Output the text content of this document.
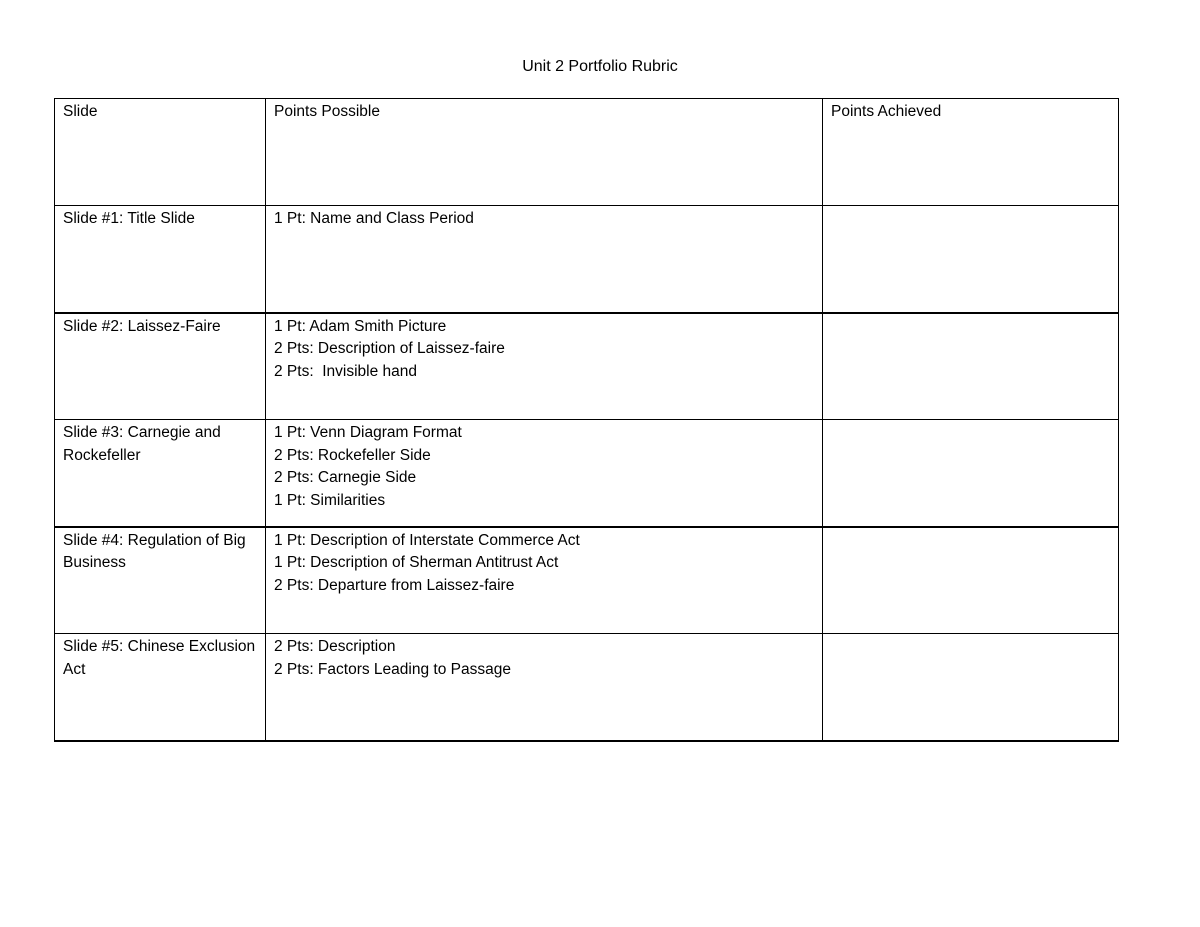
Unit 2 Portfolio Rubric
Slide	Points Possible	Points Achieved
Slide #1: Title Slide	1 Pt: Name and Class Period	

Slide #2: Laissez-Faire	1 Pt: Adam Smith Picture
2 Pts: Description of Laissez-faire
2 Pts:  Invisible hand	

Slide #3: Carnegie and Rockefeller	1 Pt: Venn Diagram Format
2 Pts: Rockefeller Side
2 Pts: Carnegie Side
1 Pt: Similarities	

Slide #4: Regulation of Big Business	1 Pt: Description of Interstate Commerce Act
1 Pt: Description of Sherman Antitrust Act
2 Pts: Departure from Laissez-faire	

Slide #5: Chinese Exclusion Act	2 Pts: Description
2 Pts: Factors Leading to Passage	
